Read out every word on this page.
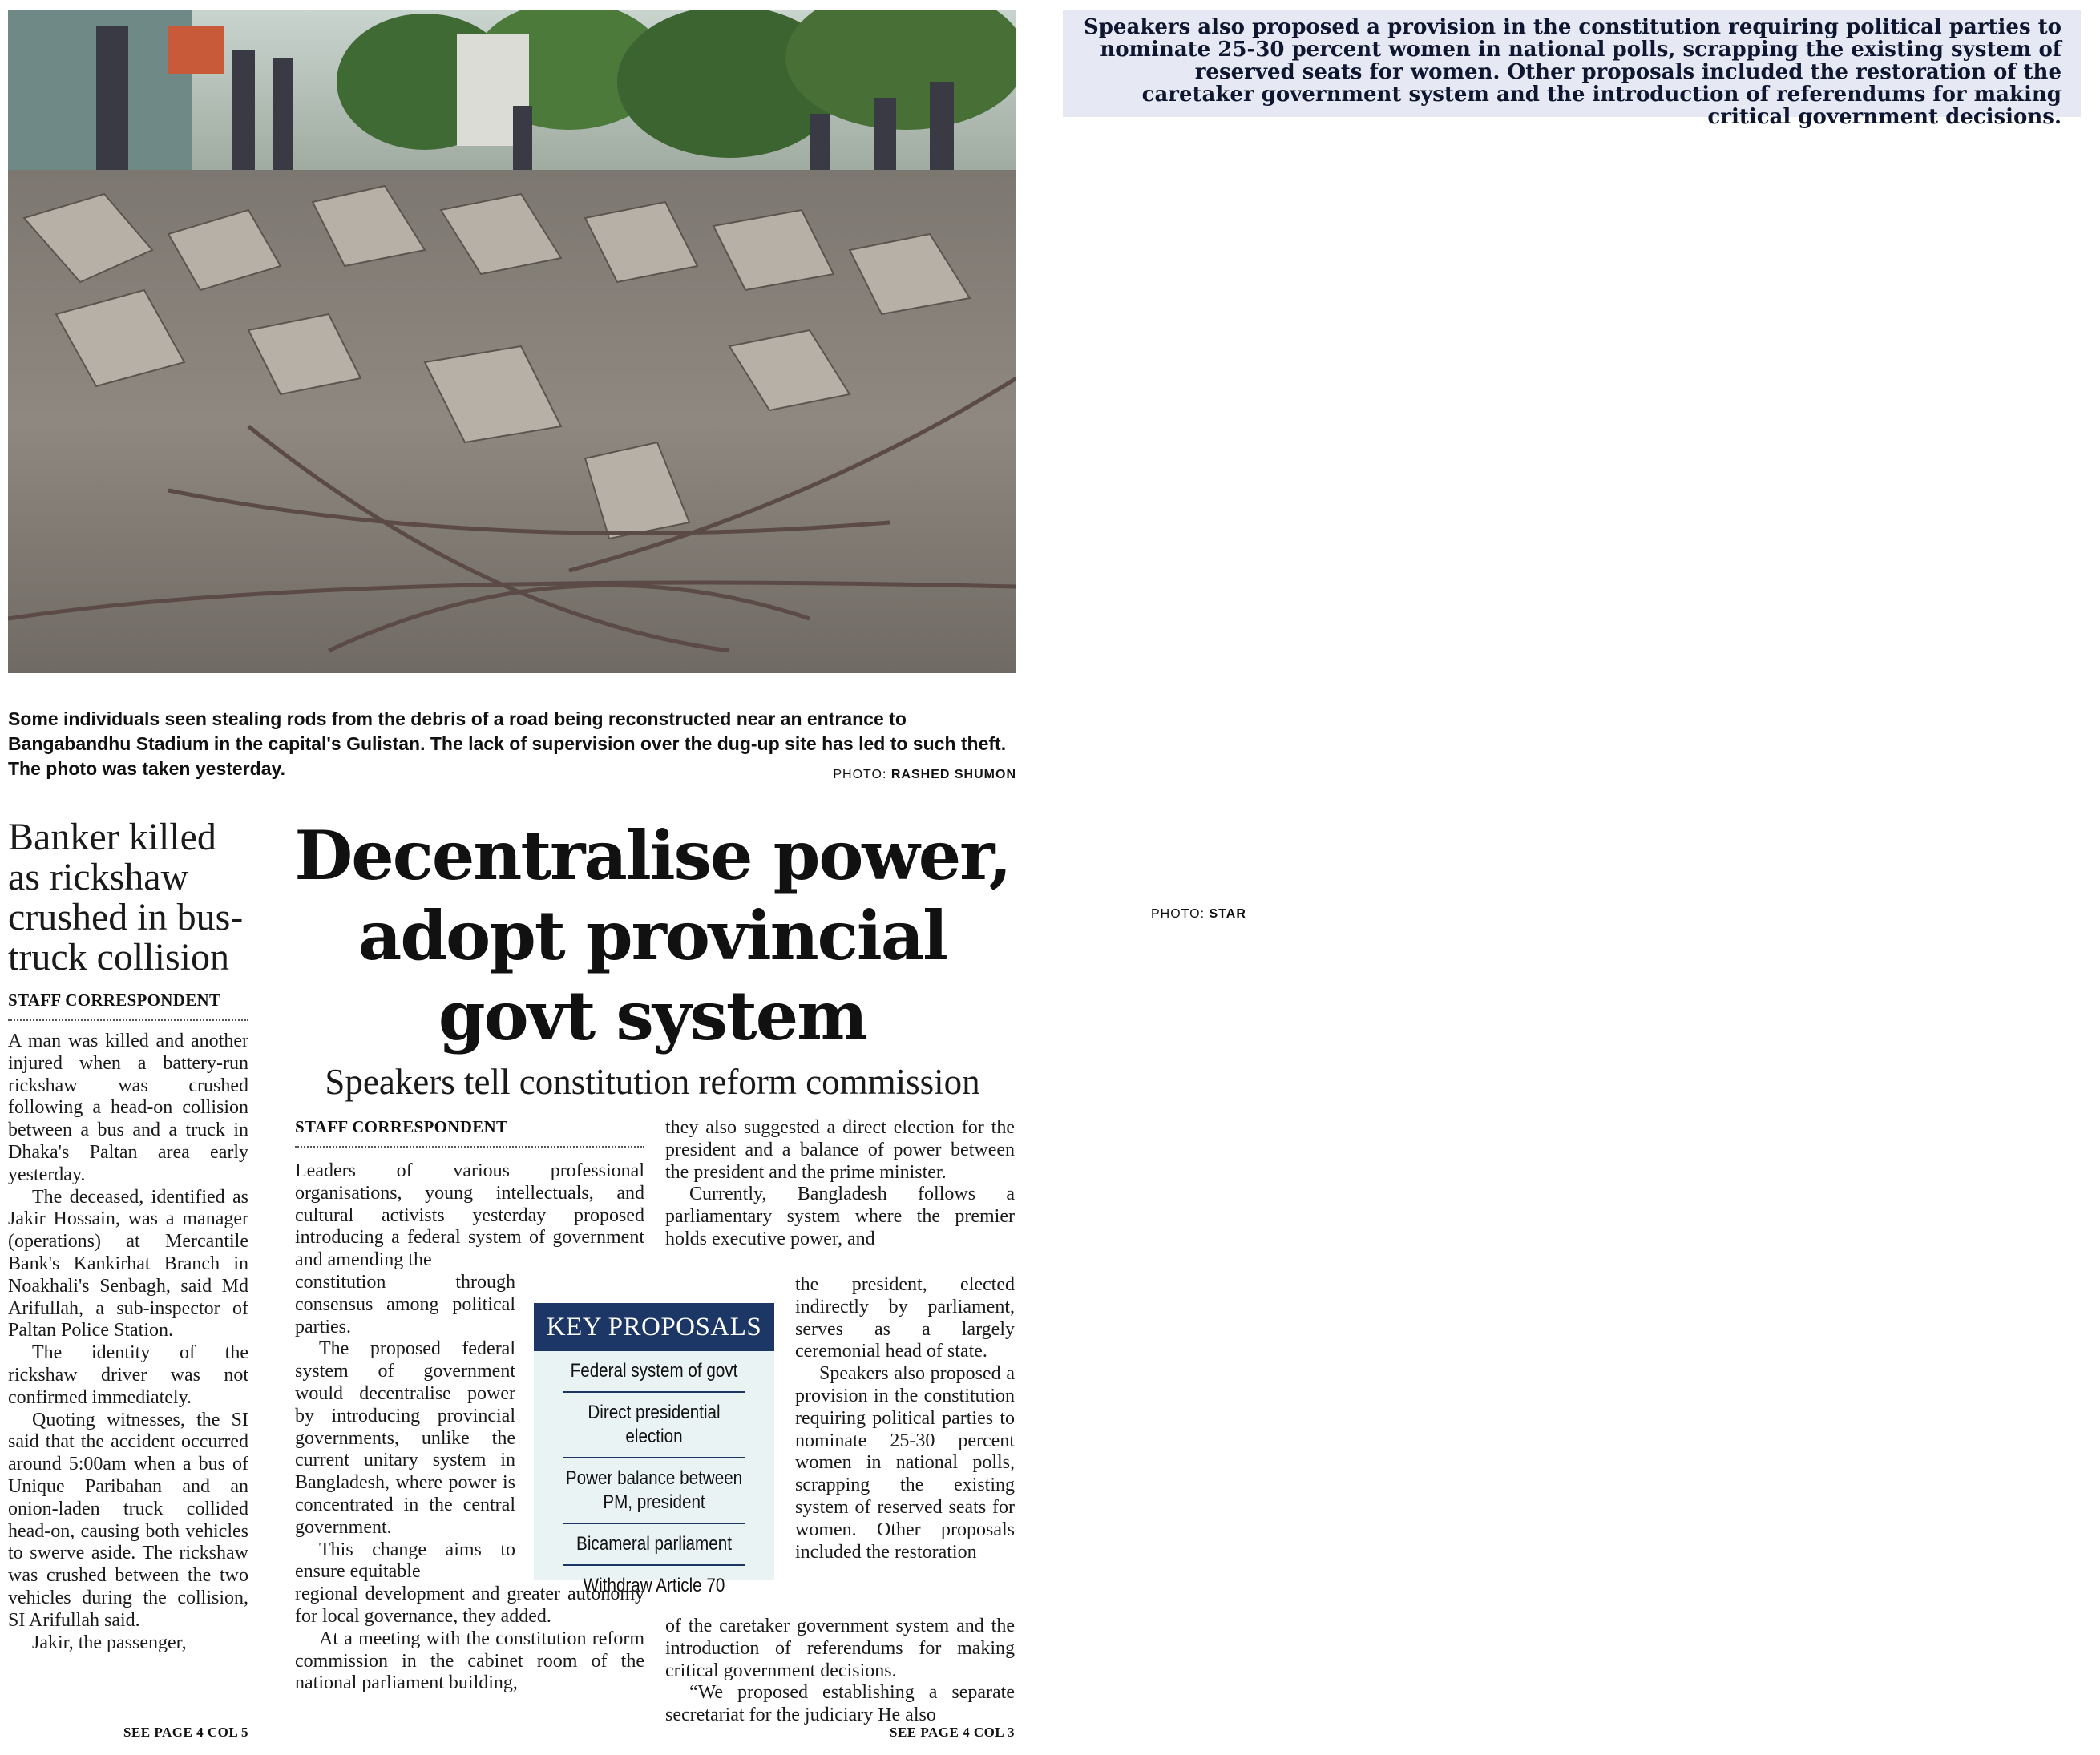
Some individuals seen stealing rods from the debris of a road being reconstructed near an entrance to Bangabandhu Stadium in the capital's Gulistan. The lack of supervision over the dug-up site has led to such theft. The photo was taken yesterday.	PHOTO: RASHED SHUMON
Speakers also proposed a provision in the constitution requiring political parties to nominate 25-30 percent women in national polls, scrapping the existing system of reserved seats for women. Other proposals included the restoration of the caretaker government system and the introduction of referendums for making critical government decisions.
PHOTO: STAR
Banker killed as rickshaw crushed in bus-truck collision
STAFF CORRESPONDENT

A man was killed and another injured when a battery-run rickshaw was crushed following a head-on collision between a bus and a truck in Dhaka's Paltan area early yesterday.

The deceased, identified as Jakir Hossain, was a manager (operations) at Mercantile Bank's Kankirhat Branch in Noakhali's Senbagh, said Md Arifullah, a sub-inspector of Paltan Police Station.

The identity of the rickshaw driver was not confirmed immediately.

Quoting witnesses, the SI said that the accident occurred around 5:00am when a bus of Unique Paribahan and an onion-laden truck collided head-on, causing both vehicles to swerve aside. The rickshaw was crushed between the two vehicles during the collision, SI Arifullah said.

Jakir, the passenger,

SEE PAGE 4 COL 5
Decentralise power, adopt provincial govt system
Speakers tell constitution reform commission
STAFF CORRESPONDENT

Leaders of various professional organisations, young intellectuals, and cultural activists yesterday proposed introducing a federal system of government and amending the

constitution through consensus among political parties.

The proposed federal system of government would decentralise power by introducing provincial governments, unlike the current unitary system in Bangladesh, where power is concentrated in the central government.

This change aims to ensure equitable

regional development and greater autonomy for local governance, they added.

At a meeting with the constitution reform commission in the cabinet room of the national parliament building,

they also suggested a direct election for the president and a balance of power between the president and the prime minister.

Currently, Bangladesh follows a parliamentary system where the premier holds executive power, and

the president, elected indirectly by parliament, serves as a largely ceremonial head of state.

Speakers also proposed a provision in the constitution requiring political parties to nominate 25-30 percent women in national polls, scrapping the existing system of reserved seats for women. Other proposals included the restoration

of the caretaker government system and the introduction of referendums for making critical government decisions.

“We proposed establishing a separate secretariat for the judiciary He also

SEE PAGE 4 COL 3
KEY PROPOSALS
Federal system of govt
Direct presidential election
Power balance between PM, president
Bicameral parliament
Withdraw Article 70
